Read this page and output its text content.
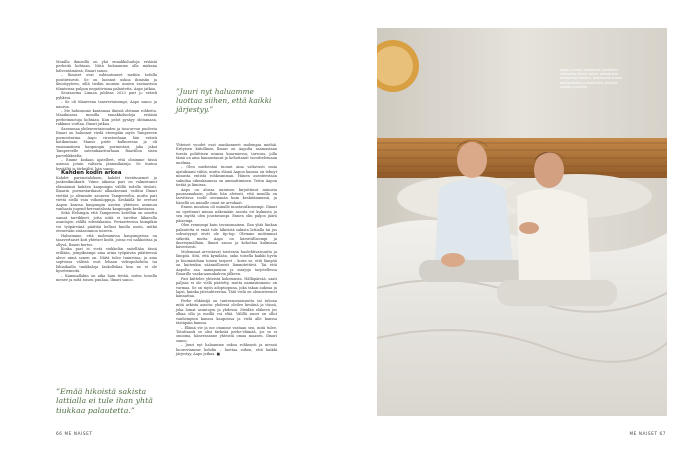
Monilla ihmisillä on yhä ennakkoluuloja eriäisiä perheitä kohtaan. Niitä huhuamme olla mukana hälventämässä, Ilmari sanoo.

– Ihmiset ovat suhtautuneet meihin todella positiivisesti. Se on luonnut uskoa ihmisiin ja ilmoisyyteen, sillä tiedän monien uusien vastaavissa tilanteissa pulpon negatiivisina palautetta, Aapo jatkaa.

Seuraavina Linnan juhlissa 2023 pari jo eräieli pyhkeoi.

– Se oli tilanteena tasavertaisempi, Aapo sanoo ja naurua.

– Me halusimme kantamaa ilmisiä oleiman rohkeita. Maailmassa monilla ennakkoluuloja eriäisiä perheimuotoja kohtaan. Kun pelot pysäyy ohitamaan, rakkaus voittaa, Ilmari jatkaa.

Saneumaa yhdenvertaisuuden ja tasa-arvon puolesta Ilmari on halunnut viedä eteenpäin myös Tampereen pormestarina. Aapo virastonhaan hän eräisti kotikuntaan Manse pride -kulkueessa ja oli ensimmäinen kaupungin pormestari, joka jakoi Tampereelle sateenkaariturhaan Raattilon sisen parvekkkeelta.

– Emme kodaan ajatelleet, että olisimme tässä asiassa jotain valtavia jännasikaisija. Se tuntuu hyväältä ja tärkeältä, hän sanoo.

Kahden kodin arkea

Kahdet parenotaloksen, kahdet tiveätuuemet ja junkosikniikarit. Viime aikoina pari on valmistunut elämäänsä kahden kaupungin välillä todella tiiviisti. Ilmarin pormestarikausi alkaaksennä vaihtui Ilmari viettää jo alemmite asuneen Tampereelta, mutta pari viettä siellä vain viikonloppuja. Keskiäilä he ovetust Aapon kanssa kaupungin asuten yhteisen asunnon vanhasta jugend-kervantalosta kaupungin keskustassa.

Sekä Helsingin että Tampereen kotelhin on omettu oamat tarvikkeet, jotta niitä ei tarvitse liikaeella asuntojen välillä edestakaisin. Periaatteessa kumpikin voi työpärvänä päättää kellasi kuulla usein, mitkä etenevään sisäasunnon toiseen.

Halusimme, että molemmissa kaupungeissa on tasavertaiset koti yhteiset kodit, joissa voi nahkoittaa ja ollyvä, Ilmari kertoo.

Koska pari ei vietä viekkelän snöellään tässä erillään, jempiksempi aina arina työpäivän päätteessä aleve nimä sonen on. Näitä tuleo tunneissa, ja aina sopivissa välissä ovat lehaan videopuheluita tai lähiaikailla tunkkaloja laukollekaa kun ne ei ole kysettemeitä.

– Kummallakin on aika hain tietää, miten toisella menee ja mitä toisen puuhaa, Ilmari sanoo.

”Juuri nyt haluamme luottaa siihen, että kaikki järjestyy.”
”Emää hikoistä sakista lattialla ei tule ihan yhtä tiukkaa palautetta.”

Yhteiset vuodet ovat muokanneet molempia miehiä. Erityisen kiitollinen Ilmari on Aapolta saamastaan tuesta poliittisen uransa kuormiessa; tarvoiss, jolla tämä on aina kannustanut ja kehottanut tavoittelemaan unelmia.

– Olen miehenäni tuonut aina valtavasti omia ajatuksiani vähin, mutta elämä Aapon kanssa on tehnyt minusta entistä rohkeamman. Hänen asenteestaan sukuilaa oikeakaunosa on ammattiminen. Teitin Aapon tietää ja liimiraa.

Aapo on alussa uutuisen kirjoittinut minusta pauraamuksen, jolloin hän aletsuti, että monilla on tarvittava roolit enemmän kuin keskitämmissä, ja hänellä on minulle omat ne arvokaat.

Ennen muutina oli minulle mustavalkoisempi. Ilmari on opettanut minua näkemään asioita eri kulmista ja sen myötä olen joustavampi. Ennen olin paljon jäärä päisempi.

Olen rennompi kuin tavanomainen. Ilan yhtä hiukan palautetta ei enää tule hikisistä sakista lattialla tai jos sohvatyynyt eivät ole tip-top. Olemme molemmat sitkeitä, mutta Aapo on kärsivällisempi ja ilmestymällään, Ilmari sanoo ja kohottaa kulmiaan kaverisesti.

Molemmat arvostavat toistensa huolehtivaisuutta ja lämpöä. Sitä, että kymilään, onko toisella kaikki hyvin ja huomioidaan toinen tarpeet – koira se, että lämpöä on kuitenkin säännöllisesti lämmitettävä. Tai että Aapolta saa aamupuuron ja marjoja tarjotellessa Ilmarille vaaka-aamukahvin jälkeen.

Pari kiittelee yhteistä kokemusta. Hälläpäivää, saati paljaas ei ole vielä päätetty, mutta naimisiinmeno on varmaa. Se on myös adoptiopuna, joka takan aukeaa ja lapsi, kuinka jätesuhteeriaa. Tätä vielä on olemisteemet kannattaa.

Perhe ehkäisijä on tunteenomaisuutta tai tuhoaa mitä arkista asioita: yhdessä oleilee kesäinä ja töissä, joka lomat asuntojen ja yhdessä. Meidän eläkeen jos alkaa olla ja meillä voi elää. Välillä nuori on ollut vanhempien kanssa kaupoissa ja vielä alle kanssa tästäpäin kanssa.

– Elämä vie ja me otamme vastaan sen, mitä tulee. Totuttaasti se olisi tärkeää perhe-elämää, jos se ei omioina, häneessanne yhteistä omaa maasen, Ilmari sanoo.

– Juuri nyt haluamme uskoa rohkeasti ja menoä huorovinmme kohdin – luottaa siihen, että kaikki järjestyy, Aapo jatkaa. ■

66 ME NAISET	ME NAISET 67
Aapo ja Ilmari osoittavat nimikkeen rakkautta arkisin toisin, pelaamalla lautapelejä kotona, katsomalla kuvaa pelilipotteilla ja vaalimalla yhteisiä asioita pysyvinä.
